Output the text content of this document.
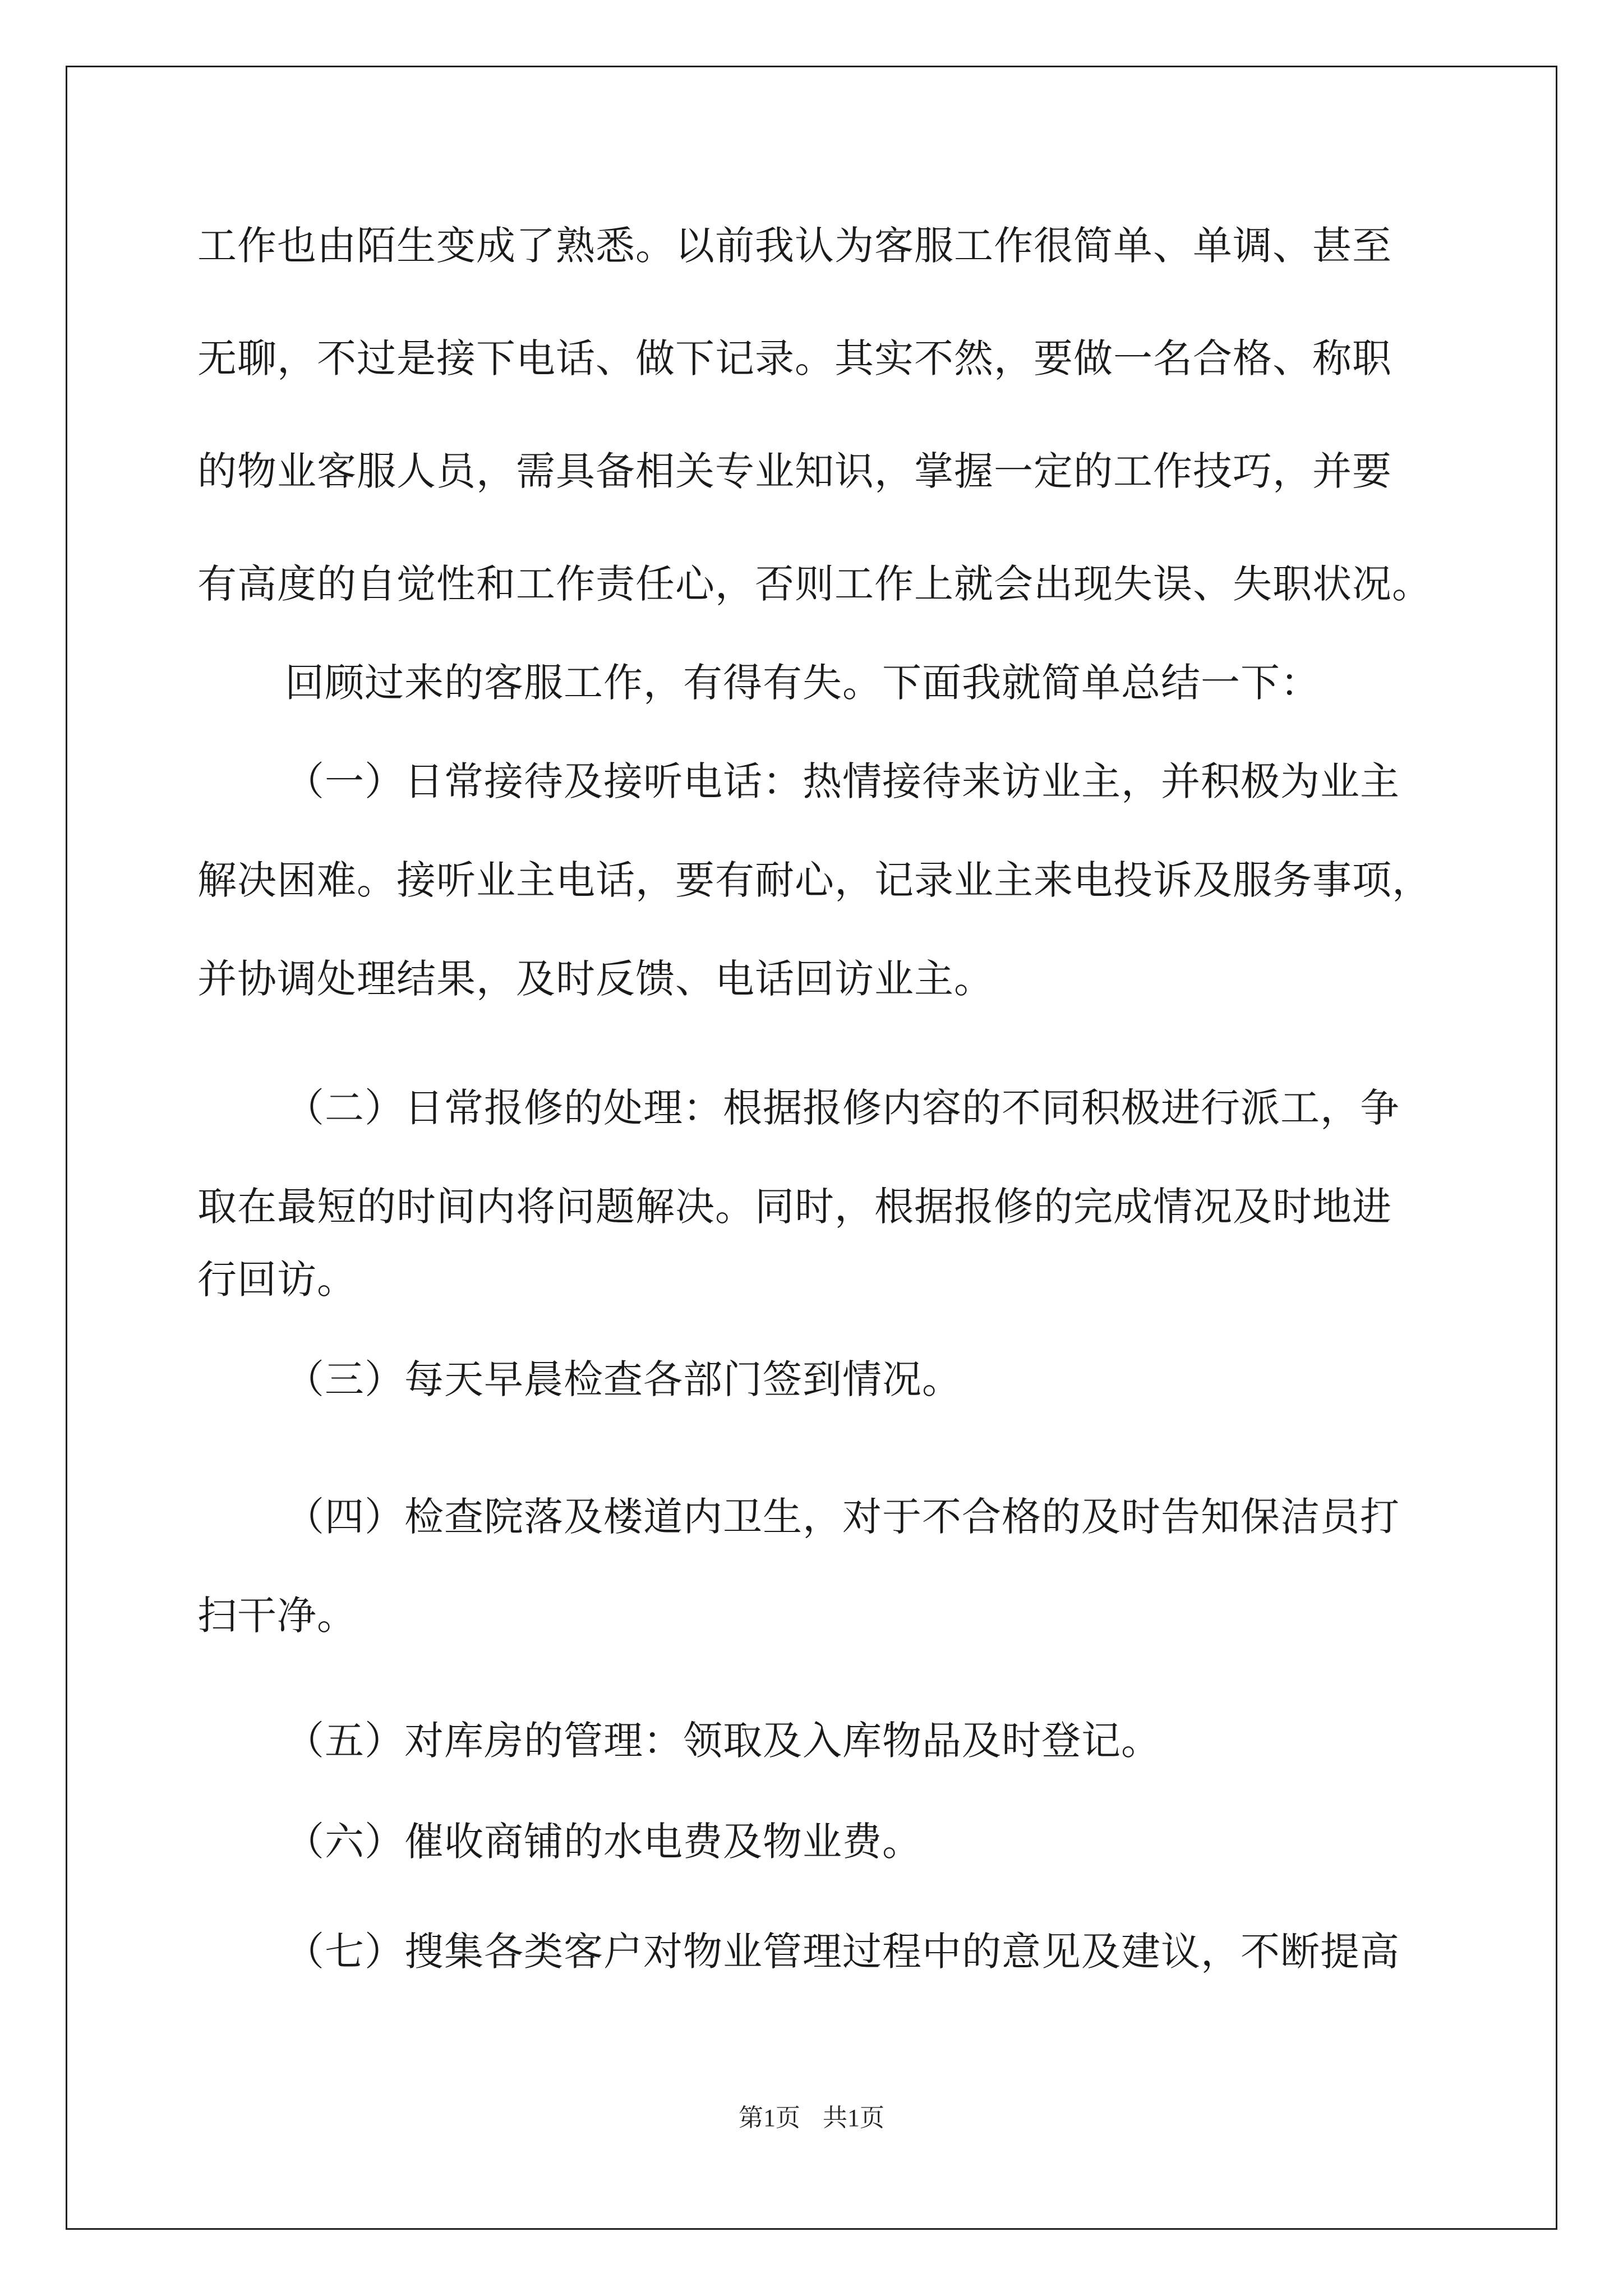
工作也由陌生变成了熟悉。以前我认为客服工作很简单、单调、甚至
无聊，不过是接下电话、做下记录。其实不然，要做一名合格、称职
的物业客服人员，需具备相关专业知识，掌握一定的工作技巧，并要
有高度的自觉性和工作责任心，否则工作上就会出现失误、失职状况。
回顾过来的客服工作，有得有失。下面我就简单总结一下：
（一）日常接待及接听电话：热情接待来访业主，并积极为业主
解决困难。接听业主电话，要有耐心，记录业主来电投诉及服务事项，
并协调处理结果，及时反馈、电话回访业主。
（二）日常报修的处理：根据报修内容的不同积极进行派工，争
取在最短的时间内将问题解决。同时，根据报修的完成情况及时地进
行回访。
（三）每天早晨检查各部门签到情况。
（四）检查院落及楼道内卫生，对于不合格的及时告知保洁员打
扫干净。
（五）对库房的管理：领取及入库物品及时登记。
（六）催收商铺的水电费及物业费。
（七）搜集各类客户对物业管理过程中的意见及建议，不断提高
第1页 共1页
